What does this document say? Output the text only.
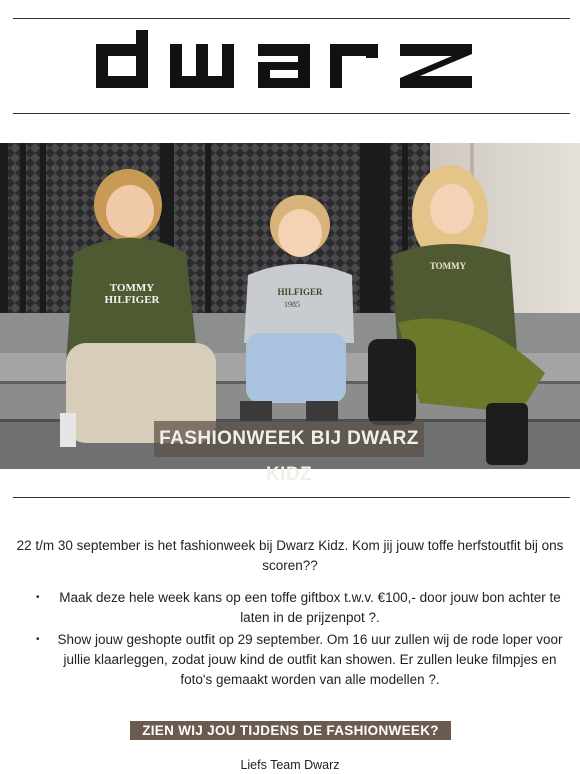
TOMMY
HILFIGER
HILFIGER
1985
TOMMY
FASHIONWEEK BIJ DWARZ KIDZ

22 t/m 30 september is het fashionweek bij Dwarz Kidz. Kom jij jouw toffe herfstoutfit bij ons scoren??

• Maak deze hele week kans op een toffe giftbox t.w.v. €100,- door jouw bon achter te laten in de prijzenpot ?.
• Show jouw geshopte outfit op 29 september. Om 16 uur zullen wij de rode loper voor jullie klaarleggen, zodat jouw kind de outfit kan showen. Er zullen leuke filmpjes en foto's gemaakt worden van alle modellen ?.
ZIEN WIJ JOU TIJDENS DE FASHIONWEEK?
Liefs Team Dwarz
